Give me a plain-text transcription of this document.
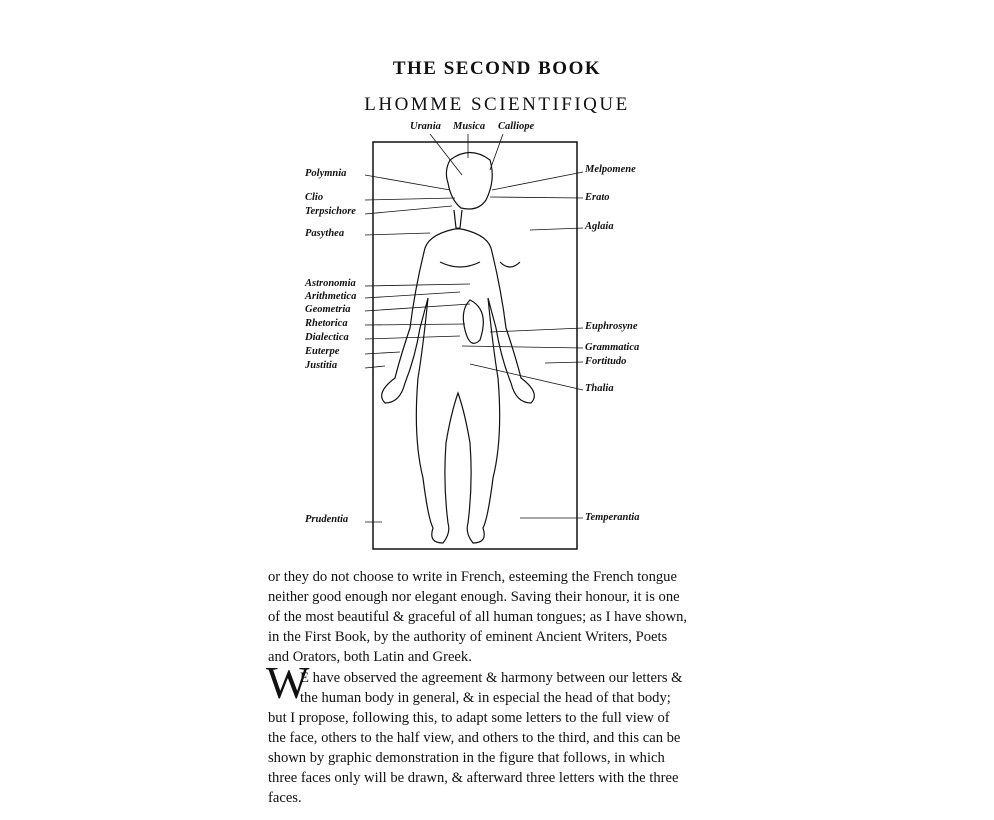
THE SECOND BOOK
LHOMME SCIENTIFIQUE
Urania Musica Calliope
Polymnia
Clio
Terpsichore
Pasythea
Astronomia
Arithmetica
Geometria
Rhetorica
Dialectica
Euterpe
Justitia
Prudentia
Melpomene
Erato
Aglaia
Euphrosyne
Grammatica
Fortitudo
Thalia
Temperantia
or they do not choose to write in French, esteeming the French tongue
neither good enough nor elegant enough. Saving their honour, it is one
of the most beautiful & graceful of all human tongues; as I have shown,
in the First Book, by the authority of eminent Ancient Writers, Poets
and Orators, both Latin and Greek.
W
E have observed the agreement & harmony between our letters &
the human body in general, & in especial the head of that body;
but I propose, following this, to adapt some letters to the full view of
the face, others to the half view, and others to the third, and this can be
shown by graphic demonstration in the figure that follows, in which
three faces only will be drawn, & afterward three letters with the three
faces.
